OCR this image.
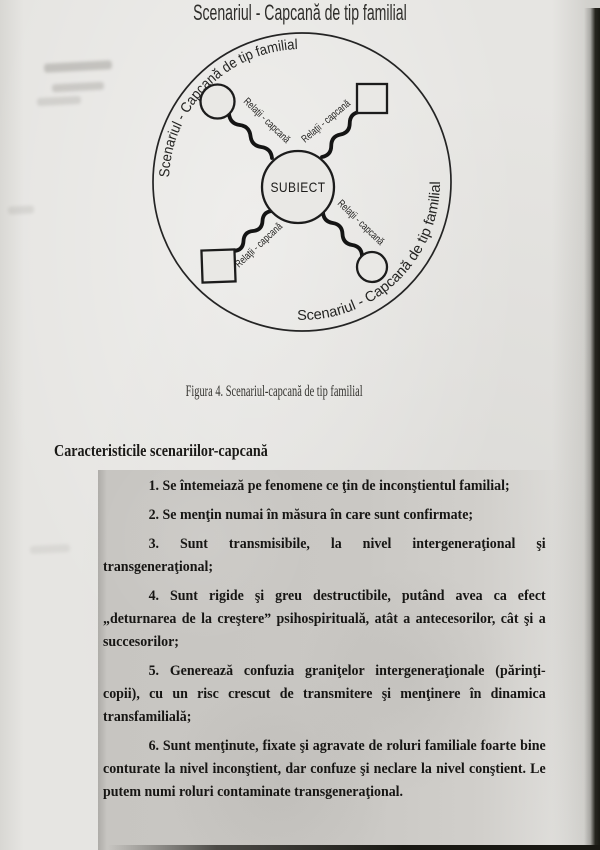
Scenariul - Capcană de tip familial
Scenariul - Capcană de tip familial
Relaţii - capcană
Relaţii - capcană
Relaţii - capcană	Relaţii - capcană
SUBIECT
Scenariul - Capcană de tip familial
Figura 4. Scenariul-capcană de tip familial
Caracteristicile scenariilor-capcană

1. Se întemeiază pe fenomene ce ţin de inconştientul familial;

2. Se menţin numai în măsura în care sunt confirmate;

3. Sunt transmisibile, la nivel intergeneraţional şi transgeneraţional;

4. Sunt rigide şi greu destructibile, putând avea ca efect „deturnarea de la creştere” psihospirituală, atât a antecesorilor, cât şi a succesorilor;

5. Generează confuzia graniţelor intergeneraţionale (părinţi-copii), cu un risc crescut de transmitere şi menţinere în dinamica transfamilială;

6. Sunt menţinute, fixate şi agravate de roluri familiale foarte bine conturate la nivel inconştient, dar confuze şi neclare la nivel conştient. Le putem numi roluri contaminate transgeneraţional.
